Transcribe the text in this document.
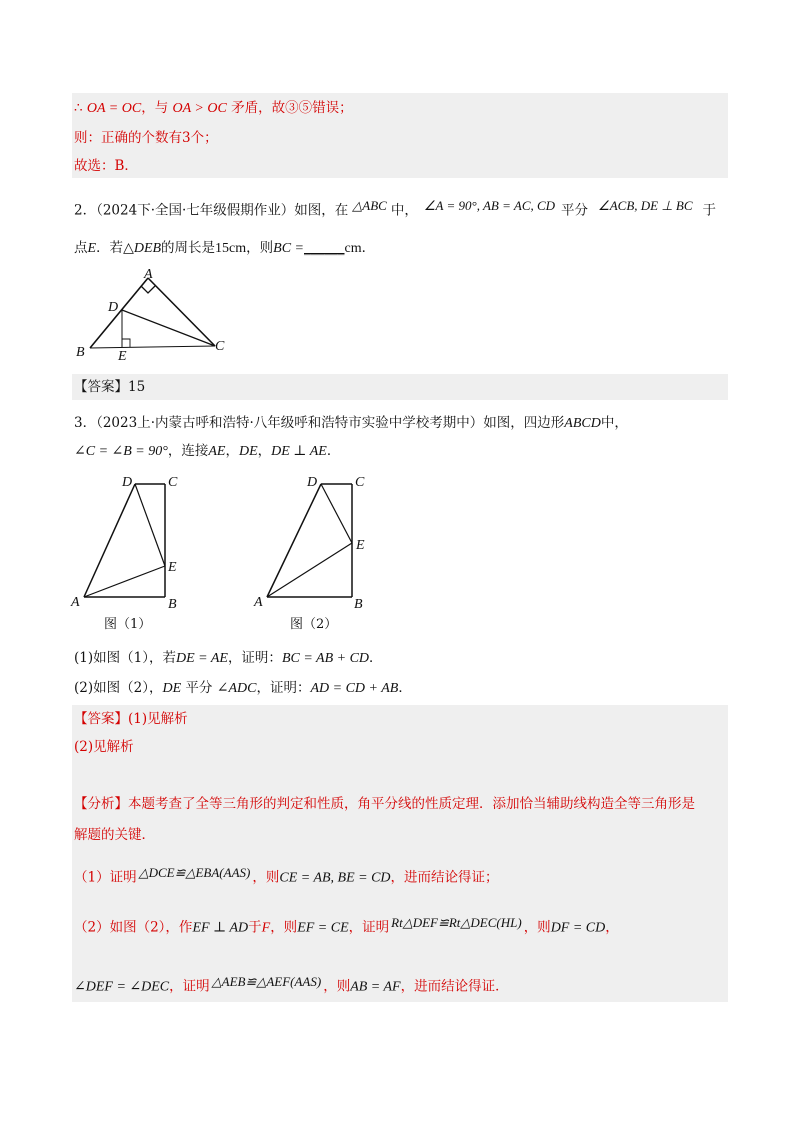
∴ OA = OC，与 OA > OC 矛盾，故③⑤错误；
则：正确的个数有3个；
故选：B．
2．（2024下·全国·七年级假期作业）如图，在 △ABC 中， ∠A = 90°, AB = AC, CD 平分 ∠ACB, DE ⊥ BC 于
点E．若△DEB的周长是15cm，则BC =______cm．
A
D
B	C
E
【答案】15
3．（2023上·内蒙古呼和浩特·八年级呼和浩特市实验中学校考期中）如图，四边形ABCD中，
∠C = ∠B = 90°，连接AE，DE，DE ⊥ AE．
D	C
E
A	B
图（1）
D	C
E
A	B
图（2）
(1)如图（1），若DE = AE，证明：BC = AB + CD．
(2)如图（2），DE 平分 ∠ADC，证明：AD = CD + AB．
【答案】(1)见解析
(2)见解析
【分析】本题考查了全等三角形的判定和性质，角平分线的性质定理．添加恰当辅助线构造全等三角形是
解题的关键．
（1）证明 △DCE≌△EBA(AAS) ，则CE = AB, BE = CD，进而结论得证；
（2）如图（2），作EF ⊥ AD于F，则EF = CE，证明 Rt△DEF≌Rt△DEC(HL) ，则DF = CD，
∠DEF = ∠DEC，证明 △AEB≌△AEF(AAS) ，则AB = AF，进而结论得证．
